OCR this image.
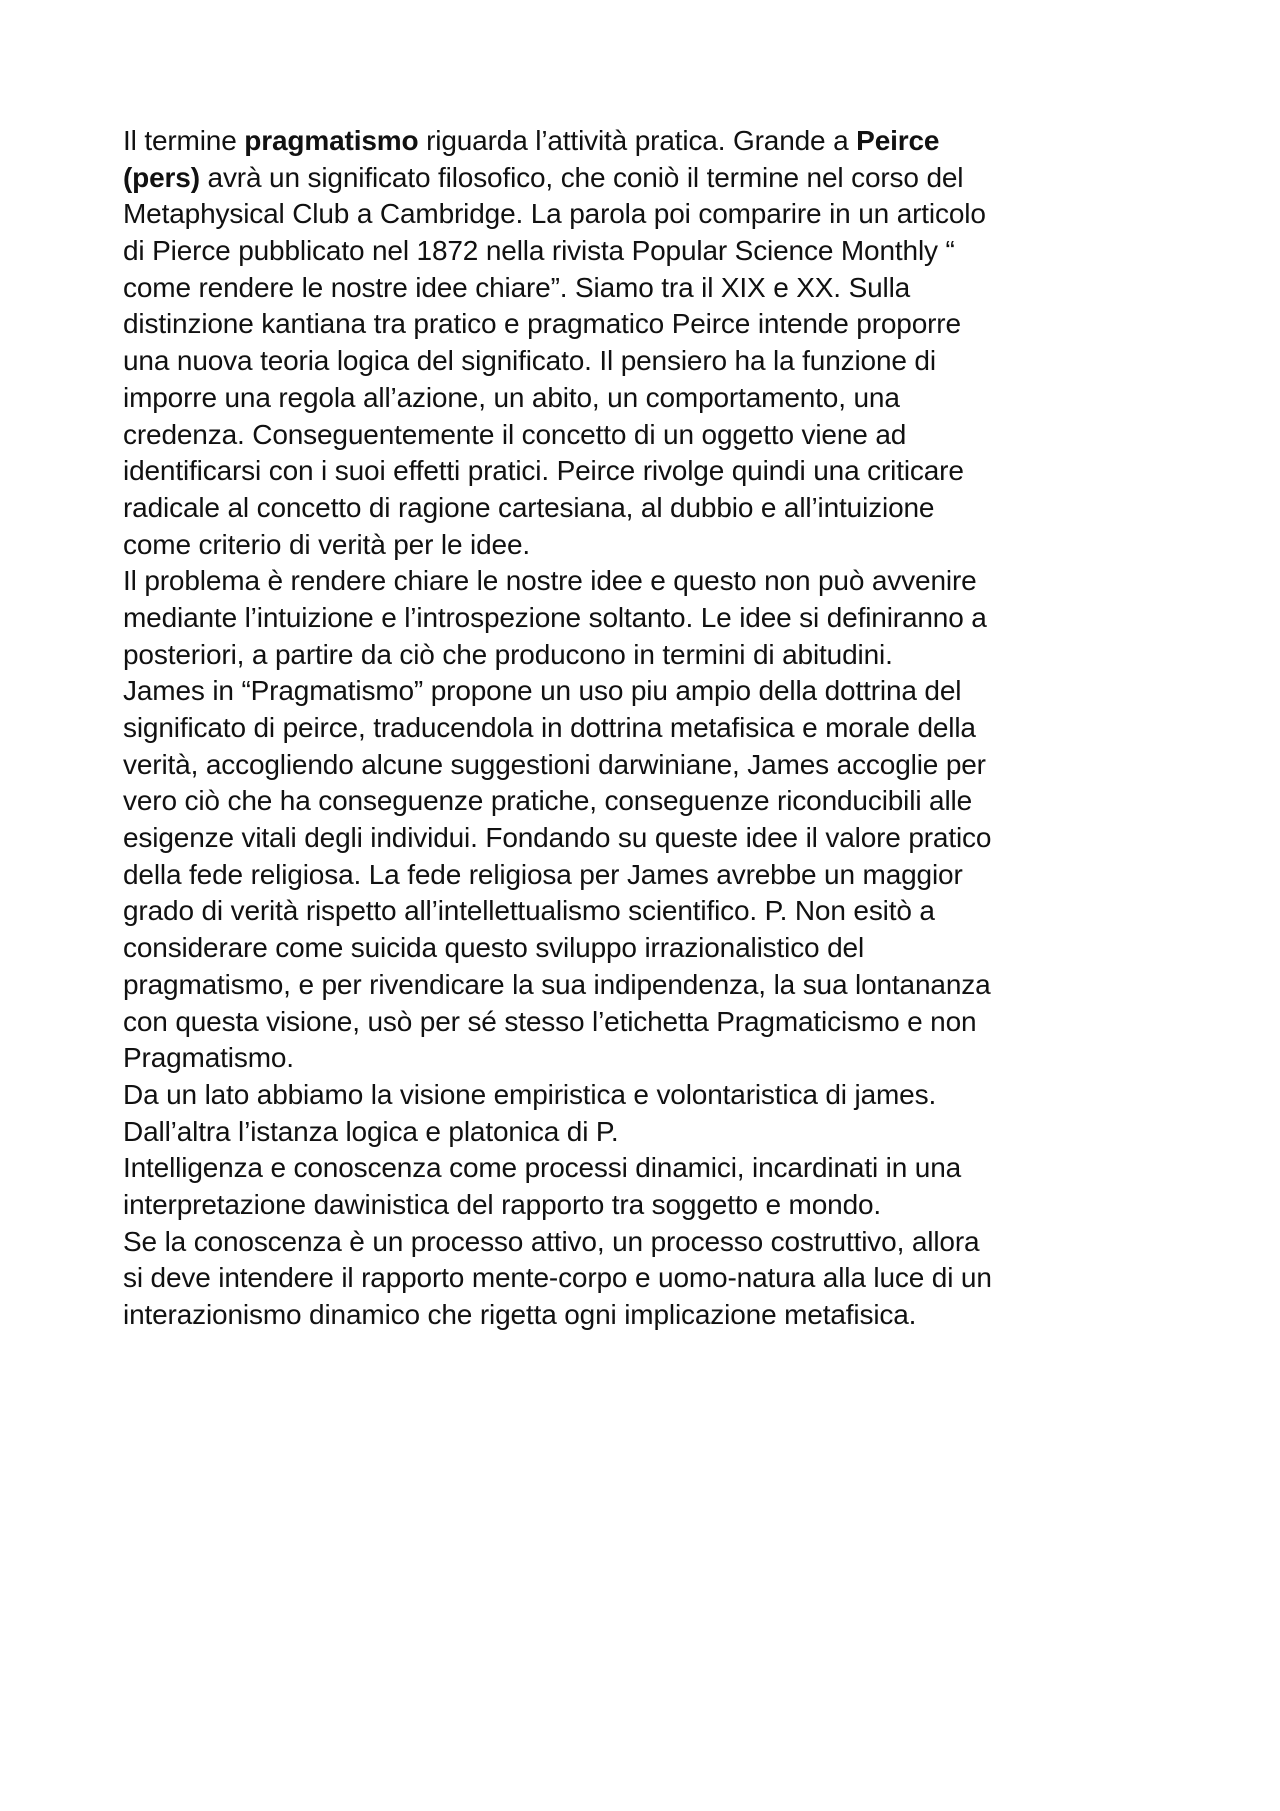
Il termine pragmatismo riguarda l’attività pratica. Grande a Peirce
(pers) avrà un significato filosofico, che coniò il termine nel corso del
Metaphysical Club a Cambridge. La parola poi comparire in un articolo
di Pierce pubblicato nel 1872 nella rivista Popular Science Monthly “
come rendere le nostre idee chiare”. Siamo tra il XIX e XX. Sulla
distinzione kantiana tra pratico e pragmatico Peirce intende proporre
una nuova teoria logica del significato. Il pensiero ha la funzione di
imporre una regola all’azione, un abito, un comportamento, una
credenza. Conseguentemente il concetto di un oggetto viene ad
identificarsi con i suoi effetti pratici. Peirce rivolge quindi una criticare
radicale al concetto di ragione cartesiana, al dubbio e all’intuizione
come criterio di verità per le idee.
Il problema è rendere chiare le nostre idee e questo non può avvenire
mediante l’intuizione e l’introspezione soltanto. Le idee si definiranno a
posteriori, a partire da ciò che producono in termini di abitudini.
James in “Pragmatismo” propone un uso piu ampio della dottrina del
significato di peirce, traducendola in dottrina metafisica e morale della
verità, accogliendo alcune suggestioni darwiniane, James accoglie per
vero ciò che ha conseguenze pratiche, conseguenze riconducibili alle
esigenze vitali degli individui. Fondando su queste idee il valore pratico
della fede religiosa. La fede religiosa per James avrebbe un maggior
grado di verità rispetto all’intellettualismo scientifico. P. Non esitò a
considerare come suicida questo sviluppo irrazionalistico del
pragmatismo, e per rivendicare la sua indipendenza, la sua lontananza
con questa visione, usò per sé stesso l’etichetta Pragmaticismo e non
Pragmatismo.
Da un lato abbiamo la visione empiristica e volontaristica di james.
Dall’altra l’istanza logica e platonica di P.
Intelligenza e conoscenza come processi dinamici, incardinati in una
interpretazione dawinistica del rapporto tra soggetto e mondo.
Se la conoscenza è un processo attivo, un processo costruttivo, allora
si deve intendere il rapporto mente-corpo e uomo-natura alla luce di un
interazionismo dinamico che rigetta ogni implicazione metafisica.
